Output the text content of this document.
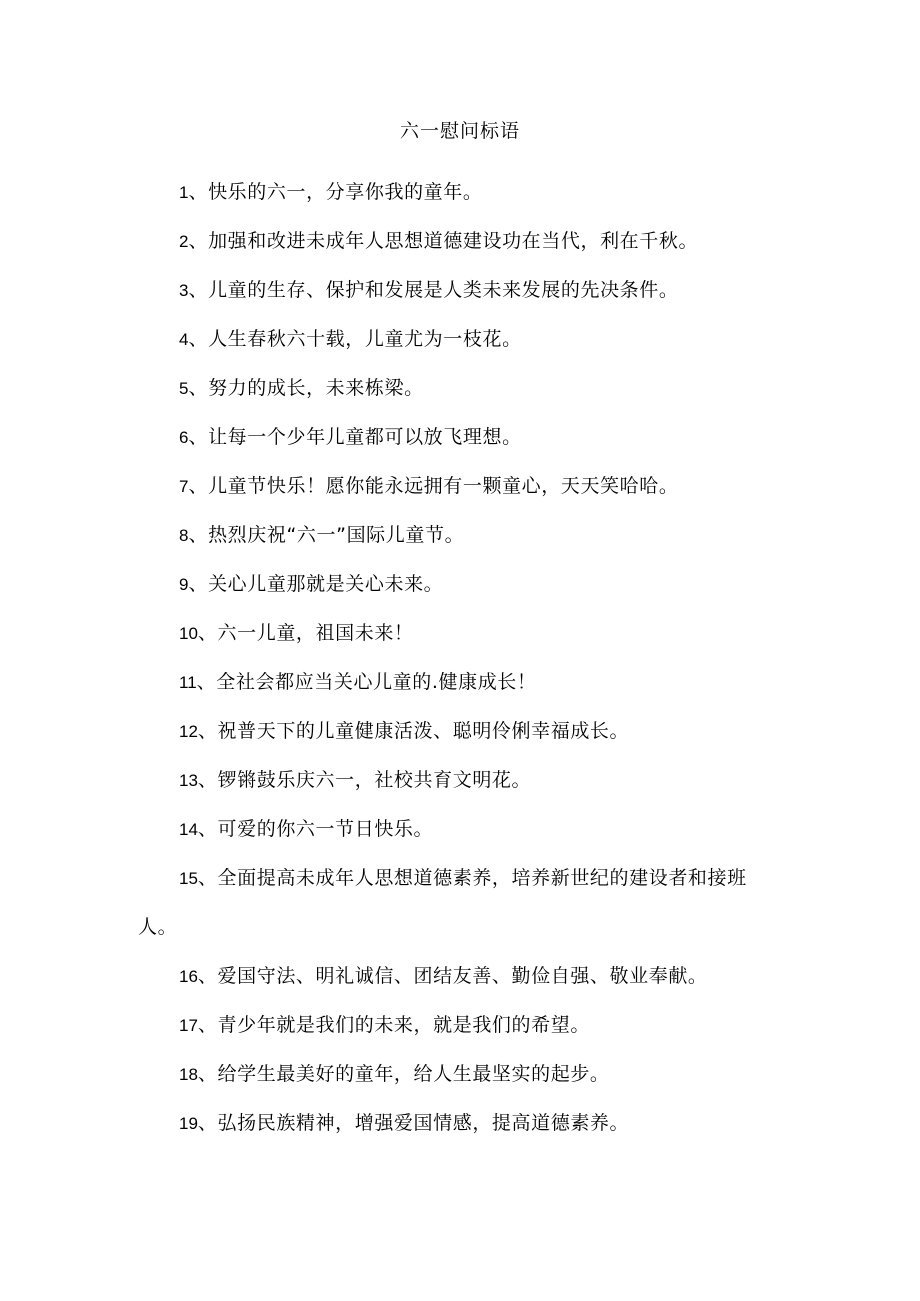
六一慰问标语
1、快乐的六一，分享你我的童年。
2、加强和改进未成年人思想道德建设功在当代，利在千秋。
3、儿童的生存、保护和发展是人类未来发展的先决条件。
4、人生春秋六十载，儿童尤为一枝花。
5、努力的成长，未来栋梁。
6、让每一个少年儿童都可以放飞理想。
7、儿童节快乐！愿你能永远拥有一颗童心，天天笑哈哈。
8、热烈庆祝“六一”国际儿童节。
9、关心儿童那就是关心未来。
10、六一儿童，祖国未来！
11、全社会都应当关心儿童的.健康成长！
12、祝普天下的儿童健康活泼、聪明伶俐幸福成长。
13、锣锵鼓乐庆六一，社校共育文明花。
14、可爱的你六一节日快乐。
15、全面提高未成年人思想道德素养，培养新世纪的建设者和接班人。
16、爱国守法、明礼诚信、团结友善、勤俭自强、敬业奉献。
17、青少年就是我们的未来，就是我们的希望。
18、给学生最美好的童年，给人生最坚实的起步。
19、弘扬民族精神，增强爱国情感，提高道德素养。
